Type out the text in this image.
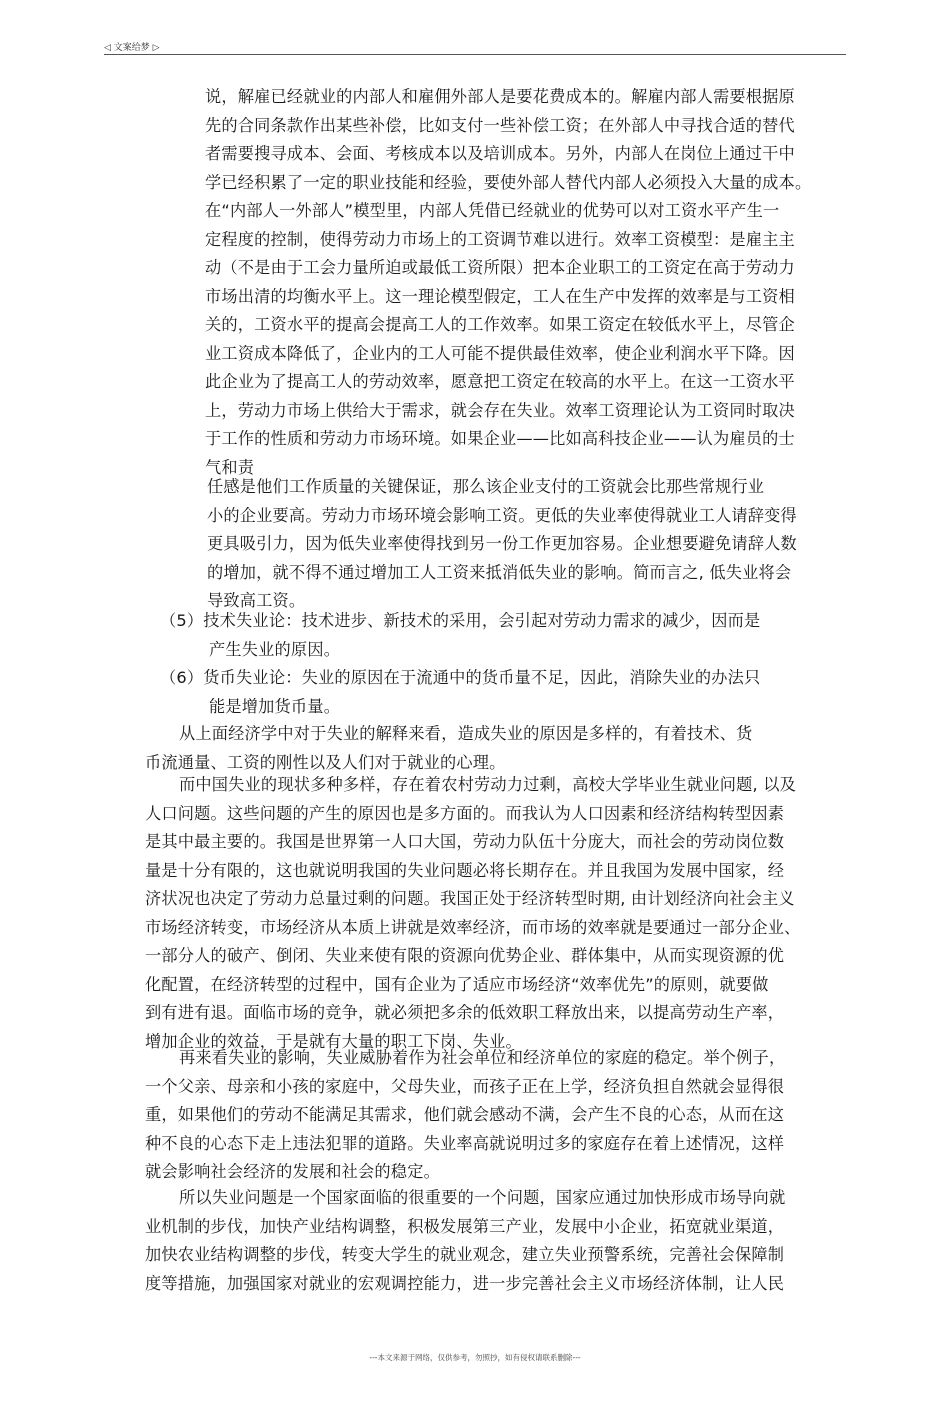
◁ 文案给梦 ▷
说，解雇已经就业的内部人和雇佣外部人是要花费成本的。解雇内部人需要根据原
先的合同条款作出某些补偿，比如支付一些补偿工资；在外部人中寻找合适的替代
者需要搜寻成本、会面、考核成本以及培训成本。另外，内部人在岗位上通过干中
学已经积累了一定的职业技能和经验，要使外部人替代内部人必须投入大量的成本。
在“内部人一外部人”模型里，内部人凭借已经就业的优势可以对工资水平产生一
定程度的控制，使得劳动力市场上的工资调节难以进行。效率工资模型：是雇主主
动（不是由于工会力量所迫或最低工资所限）把本企业职工的工资定在高于劳动力
市场出清的均衡水平上。这一理论模型假定，工人在生产中发挥的效率是与工资相
关的，工资水平的提高会提高工人的工作效率。如果工资定在较低水平上，尽管企
业工资成本降低了，企业内的工人可能不提供最佳效率，使企业利润水平下降。因
此企业为了提高工人的劳动效率，愿意把工资定在较高的水平上。在这一工资水平
上，劳动力市场上供给大于需求，就会存在失业。效率工资理论认为工资同时取决
于工作的性质和劳动力市场环境。如果企业——比如高科技企业——认为雇员的士
气和责
任感是他们工作质量的关键保证，那么该企业支付的工资就会比那些常规行业
小的企业要高。劳动力市场环境会影响工资。更低的失业率使得就业工人请辞变得
更具吸引力，因为低失业率使得找到另一份工作更加容易。企业想要避免请辞人数
的增加，就不得不通过增加工人工资来抵消低失业的影响。简而言之, 低失业将会
导致高工资。
（5）技术失业论：技术进步、新技术的采用，会引起对劳动力需求的减少，因而是
产生失业的原因。
（6）货币失业论：失业的原因在于流通中的货币量不足，因此，消除失业的办法只
能是增加货币量。
从上面经济学中对于失业的解释来看，造成失业的原因是多样的，有着技术、货
币流通量、工资的刚性以及人们对于就业的心理。
而中国失业的现状多种多样，存在着农村劳动力过剩，高校大学毕业生就业问题, 以及
人口问题。这些问题的产生的原因也是多方面的。而我认为人口因素和经济结构转型因素
是其中最主要的。我国是世界第一人口大国，劳动力队伍十分庞大，而社会的劳动岗位数
量是十分有限的，这也就说明我国的失业问题必将长期存在。并且我国为发展中国家，经
济状况也决定了劳动力总量过剩的问题。我国正处于经济转型时期, 由计划经济向社会主义
市场经济转变，市场经济从本质上讲就是效率经济，而市场的效率就是要通过一部分企业、
一部分人的破产、倒闭、失业来使有限的资源向优势企业、群体集中，从而实现资源的优
化配置，在经济转型的过程中，国有企业为了适应市场经济“效率优先”的原则，就要做
到有进有退。面临市场的竞争，就必须把多余的低效职工释放出来，以提高劳动生产率，
增加企业的效益，于是就有大量的职工下岗、失业。
再来看失业的影响，失业威胁着作为社会单位和经济单位的家庭的稳定。举个例子，
一个父亲、母亲和小孩的家庭中，父母失业，而孩子正在上学，经济负担自然就会显得很
重，如果他们的劳动不能满足其需求，他们就会感动不满，会产生不良的心态，从而在这
种不良的心态下走上违法犯罪的道路。失业率高就说明过多的家庭存在着上述情况，这样
就会影响社会经济的发展和社会的稳定。
所以失业问题是一个国家面临的很重要的一个问题，国家应通过加快形成市场导向就
业机制的步伐，加快产业结构调整，积极发展第三产业，发展中小企业，拓宽就业渠道，
加快农业结构调整的步伐，转变大学生的就业观念，建立失业预警系统，完善社会保障制
度等措施，加强国家对就业的宏观调控能力，进一步完善社会主义市场经济体制，让人民
---本文来源于网络，仅供参考，勿照抄，如有侵权请联系删除---
